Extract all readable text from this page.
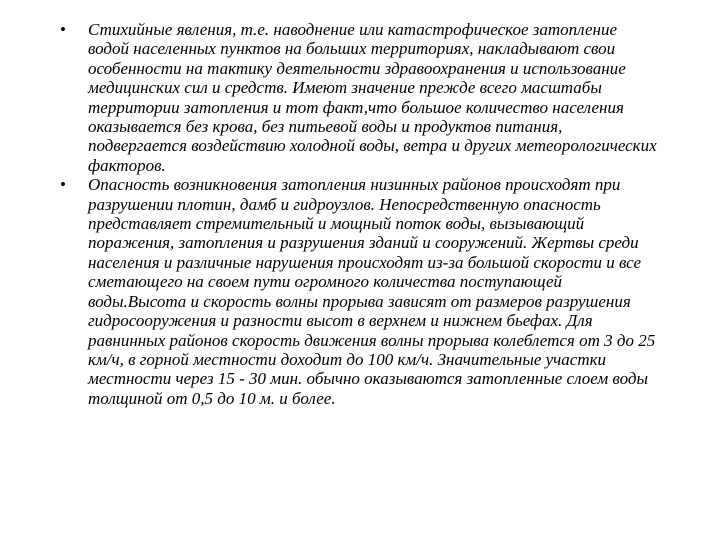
• Стихийные явления, т.е. наводнение или катастрофическое затопление водой населенных пунктов на больших территориях, накладывают свои особенности на тактику деятельности здравоохранения и использование медицинских сил и средств. Имеют значение прежде всего масштабы территории затопления и тот факт,что большое количество населения оказывается без крова, без питьевой воды и продуктов питания, подвергается воздействию холодной воды, ветра и других метеорологических факторов.

• Опасность возникновения затопления низинных районов происходят при разрушении плотин, дамб и гидроузлов. Непосредственную опасность представляет стремительный и мощный поток воды, вызывающий поражения, затопления и разрушения зданий и сооружений. Жертвы среди населения и различные нарушения происходят из-за большой скорости и все сметающего на своем пути огромного количества поступающей воды.Высота и скорость волны прорыва зависят от размеров разрушения гидросооружения и разности высот в верхнем и нижнем бьефах. Для равнинных районов скорость движения волны прорыва колеблется от 3 до 25 км/ч, в горной местности доходит до 100 км/ч. Значительные участки местности через 15 - 30 мин. обычно оказываются затопленные слоем воды толщиной от 0,5 до 10 м. и более.
